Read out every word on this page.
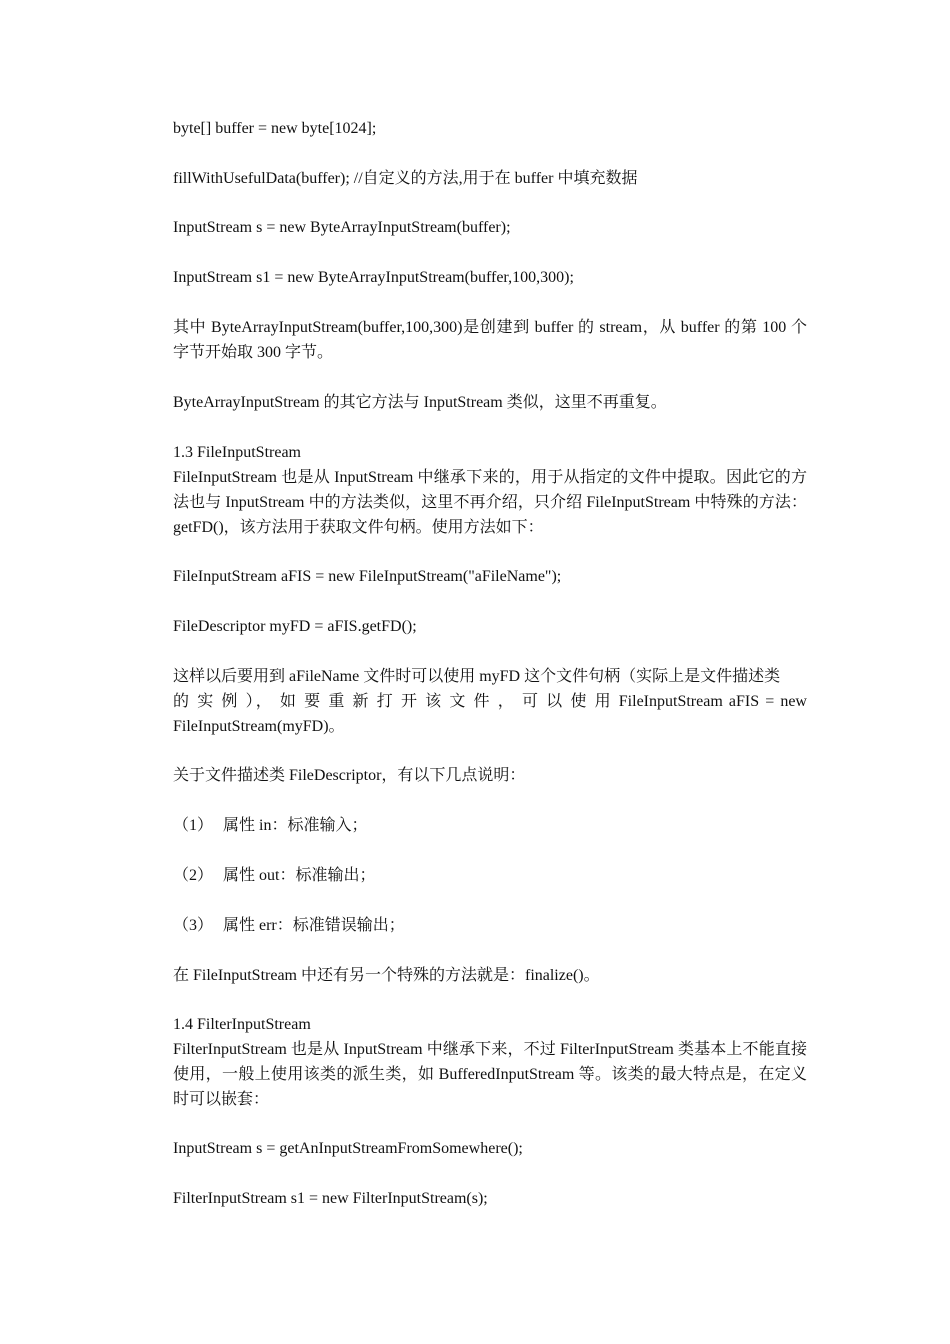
byte[] buffer = new byte[1024];

fillWithUsefulData(buffer); //自定义的方法,用于在 buffer 中填充数据

InputStream s = new ByteArrayInputStream(buffer);

InputStream s1 = new ByteArrayInputStream(buffer,100,300);

其中 ByteArrayInputStream(buffer,100,300)是创建到 buffer 的 stream，从 buffer 的第 100 个字节开始取 300 字节。

ByteArrayInputStream 的其它方法与 InputStream 类似，这里不再重复。

1.3 FileInputStream

FileInputStream 也是从 InputStream 中继承下来的，用于从指定的文件中提取。因此它的方法也与 InputStream 中的方法类似，这里不再介绍，只介绍 FileInputStream 中特殊的方法：getFD()，该方法用于获取文件句柄。使用方法如下：

FileInputStream aFIS = new FileInputStream("aFileName");

FileDescriptor myFD = aFIS.getFD();

这样以后要用到 aFileName 文件时可以使用 myFD 这个文件句柄（实际上是文件描述类
的 实 例 ）， 如 要 重 新 打 开 该 文 件 ， 可 以 使 用 FileInputStream aFIS = new
FileInputStream(myFD)。

关于文件描述类 FileDescriptor，有以下几点说明：

（1） 属性 in：标准输入；

（2） 属性 out：标准输出；

（3） 属性 err：标准错误输出；

在 FileInputStream 中还有另一个特殊的方法就是：finalize()。

1.4 FilterInputStream

FilterInputStream 也是从 InputStream 中继承下来，不过 FilterInputStream 类基本上不能直接使用，一般上使用该类的派生类，如 BufferedInputStream 等。该类的最大特点是，在定义时可以嵌套：

InputStream s = getAnInputStreamFromSomewhere();

FilterInputStream s1 = new FilterInputStream(s);
